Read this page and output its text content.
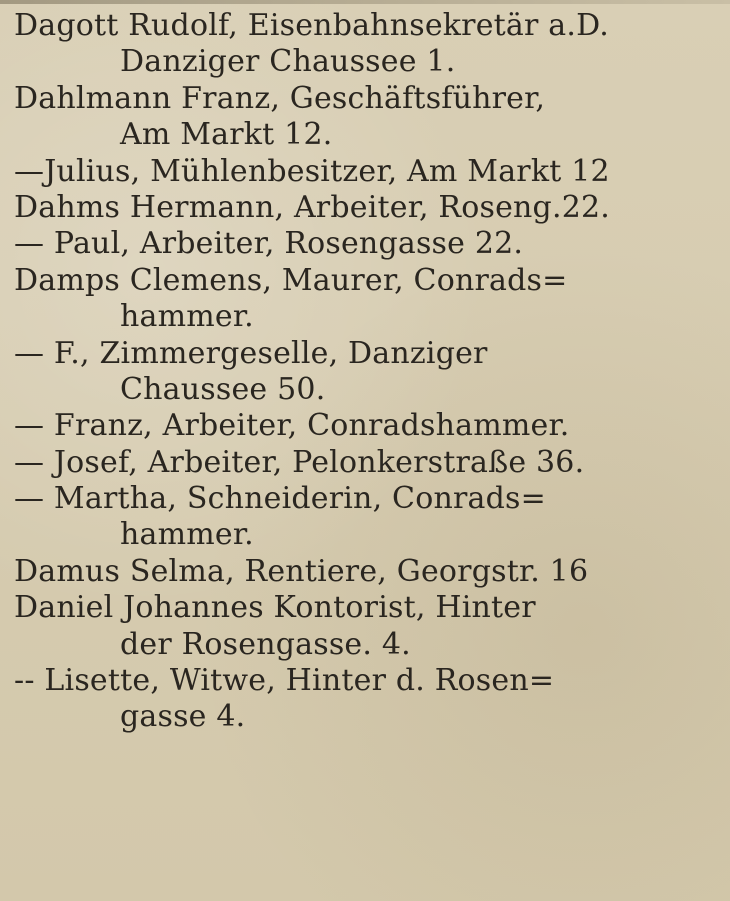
Dagott Rudolf, Eisenbahnsekretär a.D.
Danziger Chaussee 1.
Dahlmann Franz, Geschäftsführer,
Am Markt 12.
—Julius, Mühlenbesitzer, Am Markt 12
Dahms Hermann, Arbeiter, Roseng.22.
— Paul, Arbeiter, Rosengasse 22.
Damps Clemens, Maurer, Conrads=
hammer.
— F., Zimmergeselle, Danziger
Chaussee 50.
— Franz, Arbeiter, Conradshammer.
— Josef, Arbeiter, Pelonkerstraße 36.
— Martha, Schneiderin, Conrads=
hammer.
Damus Selma, Rentiere, Georgstr. 16
Daniel Johannes Kontorist, Hinter
der Rosengasse. 4.
-- Lisette, Witwe, Hinter d. Rosen=
gasse 4.
